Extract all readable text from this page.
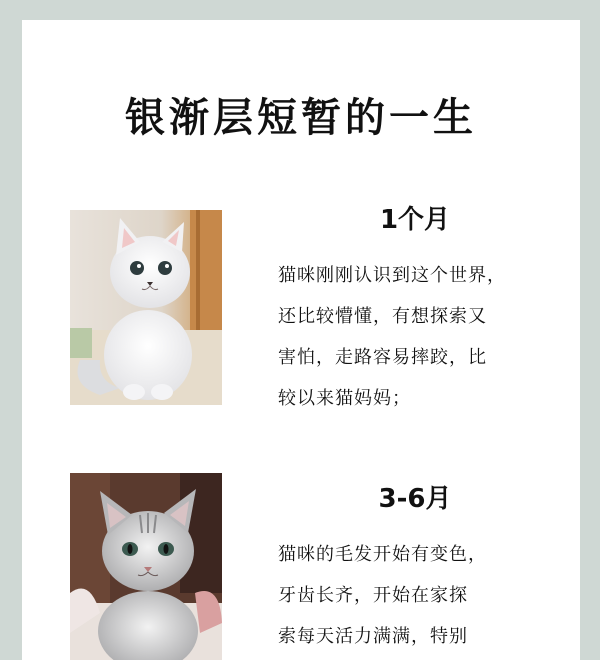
银渐层短暂的一生
1个月
猫咪刚刚认识到这个世界，
还比较懵懂，有想探索又
害怕，走路容易摔跤，比
较以来猫妈妈；
3-6月
猫咪的毛发开始有变色，
牙齿长齐，开始在家探
索每天活力满满，特别
